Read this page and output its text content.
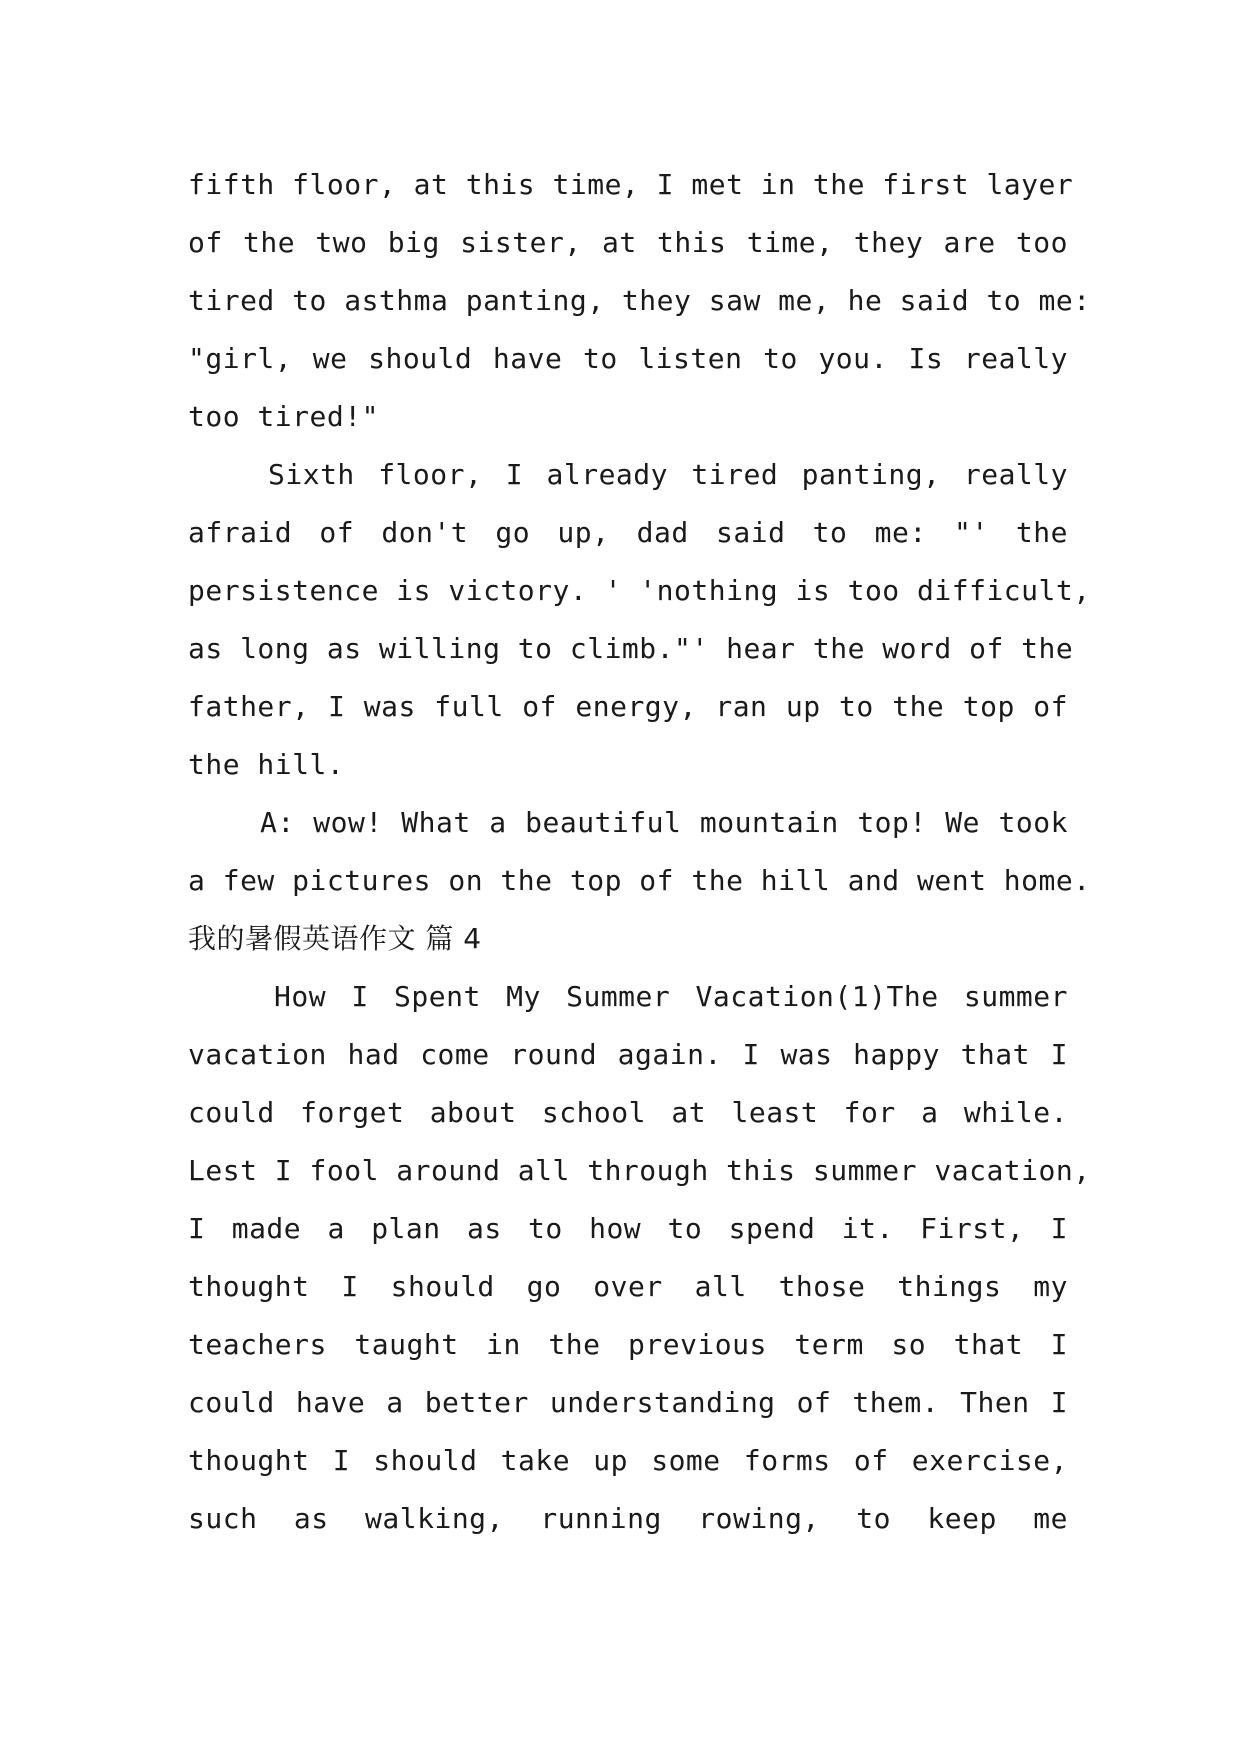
fifth floor, at this time, I met in the first layer
of the two big sister, at this time, they are too
tired to asthma panting, they saw me, he said to me:
"girl, we should have to listen to you. Is really
too tired!"
Sixth floor, I already tired panting, really
afraid of don't go up, dad said to me: "' the
persistence is victory. ' 'nothing is too difficult,
as long as willing to climb."' hear the word of the
father, I was full of energy, ran up to the top of
the hill.
A: wow! What a beautiful mountain top! We took
a few pictures on the top of the hill and went home.
我的暑假英语作文 篇 4
How I Spent My Summer Vacation(1)The summer
vacation had come round again. I was happy that I
could forget about school at least for a while.
Lest I fool around all through this summer vacation,
I made a plan as to how to spend it. First, I
thought I should go over all those things my
teachers taught in the previous term so that I
could have a better understanding of them. Then I
thought I should take up some forms of exercise,
such as walking, running rowing, to keep me
